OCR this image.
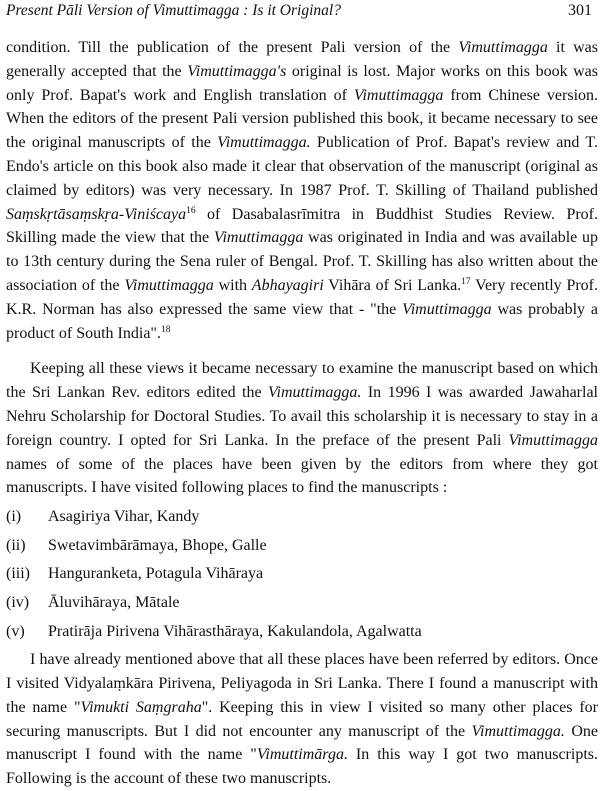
Present Pāli Version of Vimuttimagga : Is it Original?	301

condition. Till the publication of the present Pali version of the Vimuttimagga it was generally accepted that the Vimuttimagga's original is lost. Major works on this book was only Prof. Bapat's work and English translation of Vimuttimagga from Chinese version. When the editors of the present Pali version published this book, it became necessary to see the original manuscripts of the Vimuttimagga. Publication of Prof. Bapat's review and T. Endo's article on this book also made it clear that observation of the manuscript (original as claimed by editors) was very necessary. In 1987 Prof. T. Skilling of Thailand published Saṃskṛtāsaṃskṛa-Viniścaya$^{16}$ of Dasabalasrīmitra in Buddhist Studies Review. Prof. Skilling made the view that the Vimuttimagga was originated in India and was available up to 13th century during the Sena ruler of Bengal. Prof. T. Skilling has also written about the association of the Vimuttimagga with Abhayagiri Vihāra of Sri Lanka.$^{17}$ Very recently Prof. K.R. Norman has also expressed the same view that - "the Vimuttimagga was probably a product of South India".$^{18}$

Keeping all these views it became necessary to examine the manuscript based on which the Sri Lankan Rev. editors edited the Vimuttimagga. In 1996 I was awarded Jawaharlal Nehru Scholarship for Doctoral Studies. To avail this scholarship it is necessary to stay in a foreign country. I opted for Sri Lanka. In the preface of the present Pali Vimuttimagga names of some of the places have been given by the editors from where they got manuscripts. I have visited following places to find the manuscripts :

(i)	Asagiriya Vihar, Kandy
(ii)	Swetavimbārāmaya, Bhope, Galle
(iii)	Hanguranketa, Potagula Vihāraya
(iv)	Āluvihāraya, Mātale
(v)	Pratirāja Pirivena Vihārasthāraya, Kakulandola, Agalwatta

I have already mentioned above that all these places have been referred by editors. Once I visited Vidyalaṃkāra Pirivena, Peliyagoda in Sri Lanka. There I found a manuscript with the name "Vimukti Saṃgraha". Keeping this in view I visited so many other places for securing manuscripts. But I did not encounter any manuscript of the Vimuttimagga. One manuscript I found with the name "Vimuttimārga. In this way I got two manuscripts. Following is the account of these two manuscripts.
